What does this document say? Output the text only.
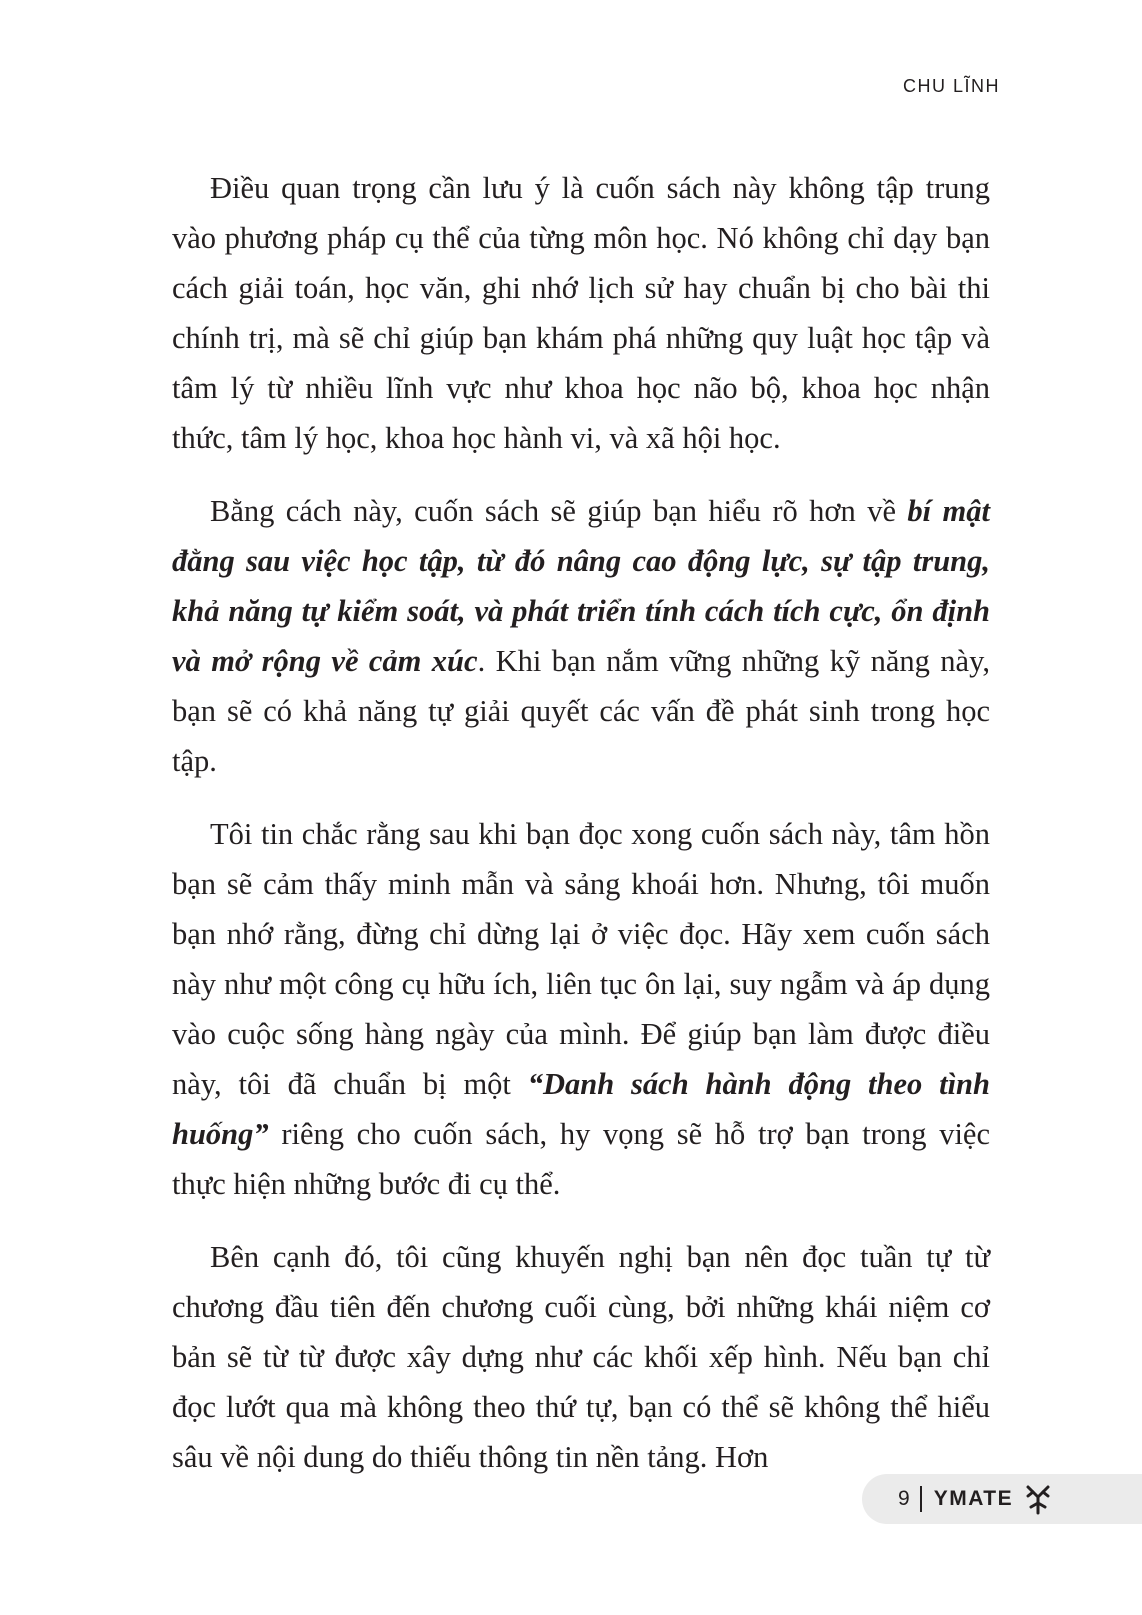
CHU LĨNH

Điều quan trọng cần lưu ý là cuốn sách này không tập trung vào phương pháp cụ thể của từng môn học. Nó không chỉ dạy bạn cách giải toán, học văn, ghi nhớ lịch sử hay chuẩn bị cho bài thi chính trị, mà sẽ chỉ giúp bạn khám phá những quy luật học tập và tâm lý từ nhiều lĩnh vực như khoa học não bộ, khoa học nhận thức, tâm lý học, khoa học hành vi, và xã hội học.

Bằng cách này, cuốn sách sẽ giúp bạn hiểu rõ hơn về bí mật đằng sau việc học tập, từ đó nâng cao động lực, sự tập trung, khả năng tự kiểm soát, và phát triển tính cách tích cực, ổn định và mở rộng về cảm xúc. Khi bạn nắm vững những kỹ năng này, bạn sẽ có khả năng tự giải quyết các vấn đề phát sinh trong học tập.

Tôi tin chắc rằng sau khi bạn đọc xong cuốn sách này, tâm hồn bạn sẽ cảm thấy minh mẫn và sảng khoái hơn. Nhưng, tôi muốn bạn nhớ rằng, đừng chỉ dừng lại ở việc đọc. Hãy xem cuốn sách này như một công cụ hữu ích, liên tục ôn lại, suy ngẫm và áp dụng vào cuộc sống hàng ngày của mình. Để giúp bạn làm được điều này, tôi đã chuẩn bị một “Danh sách hành động theo tình huống” riêng cho cuốn sách, hy vọng sẽ hỗ trợ bạn trong việc thực hiện những bước đi cụ thể.

Bên cạnh đó, tôi cũng khuyến nghị bạn nên đọc tuần tự từ chương đầu tiên đến chương cuối cùng, bởi những khái niệm cơ bản sẽ từ từ được xây dựng như các khối xếp hình. Nếu bạn chỉ đọc lướt qua mà không theo thứ tự, bạn có thể sẽ không thể hiểu sâu về nội dung do thiếu thông tin nền tảng. Hơn

9 YMATE
